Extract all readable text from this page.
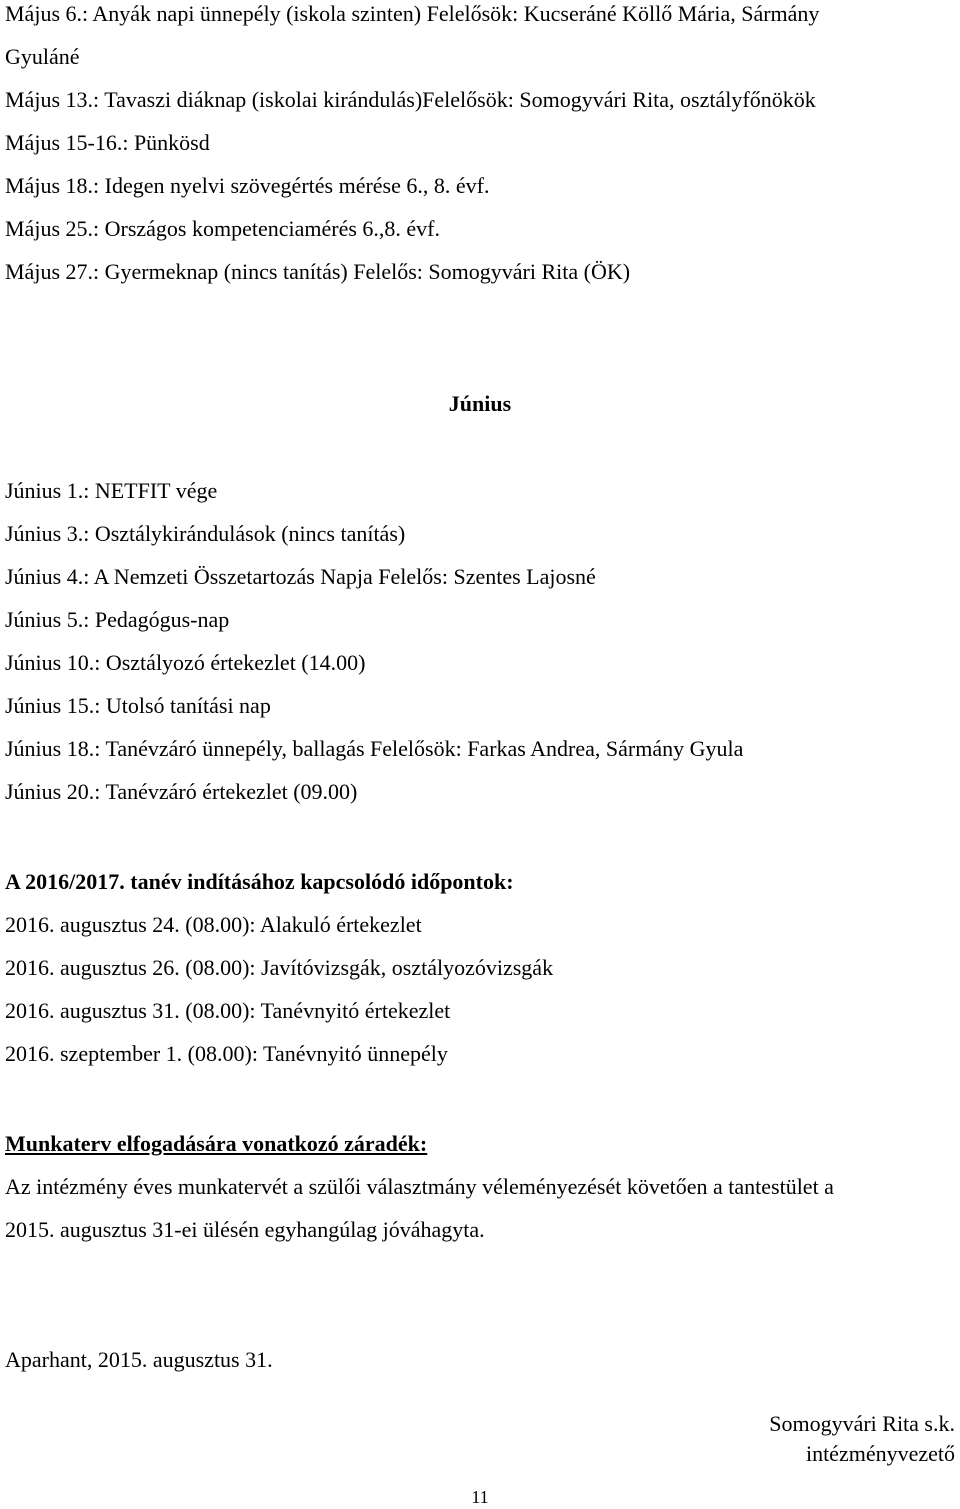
Május 6.: Anyák napi ünnepély (iskola szinten) Felelősök: Kucseráné Köllő Mária, Sármány
Gyuláné
Május 13.: Tavaszi diáknap (iskolai kirándulás)Felelősök: Somogyvári Rita, osztályfőnökök
Május 15-16.: Pünkösd
Május 18.: Idegen nyelvi szövegértés mérése 6., 8. évf.
Május 25.: Országos kompetenciamérés 6.,8. évf.
Május 27.: Gyermeknap (nincs tanítás) Felelős: Somogyvári Rita (ÖK)
Június
Június 1.: NETFIT vége
Június 3.: Osztálykirándulások (nincs tanítás)
Június 4.: A Nemzeti Összetartozás Napja Felelős: Szentes Lajosné
Június 5.: Pedagógus-nap
Június 10.: Osztályozó értekezlet (14.00)
Június 15.: Utolsó tanítási nap
Június 18.: Tanévzáró ünnepély, ballagás Felelősök: Farkas Andrea, Sármány Gyula
Június 20.: Tanévzáró értekezlet (09.00)
A 2016/2017. tanév indításához kapcsolódó időpontok:
2016. augusztus 24. (08.00): Alakuló értekezlet
2016. augusztus 26. (08.00): Javítóvizsgák, osztályozóvizsgák
2016. augusztus 31. (08.00): Tanévnyitó értekezlet
2016. szeptember 1. (08.00): Tanévnyitó ünnepély
Munkaterv elfogadására vonatkozó záradék:
Az intézmény éves munkatervét a szülői választmány véleményezését követően a tantestület a
2015. augusztus 31-ei ülésén egyhangúlag jóváhagyta.
Aparhant, 2015. augusztus 31.
Somogyvári Rita s.k.
intézményvezető
11
